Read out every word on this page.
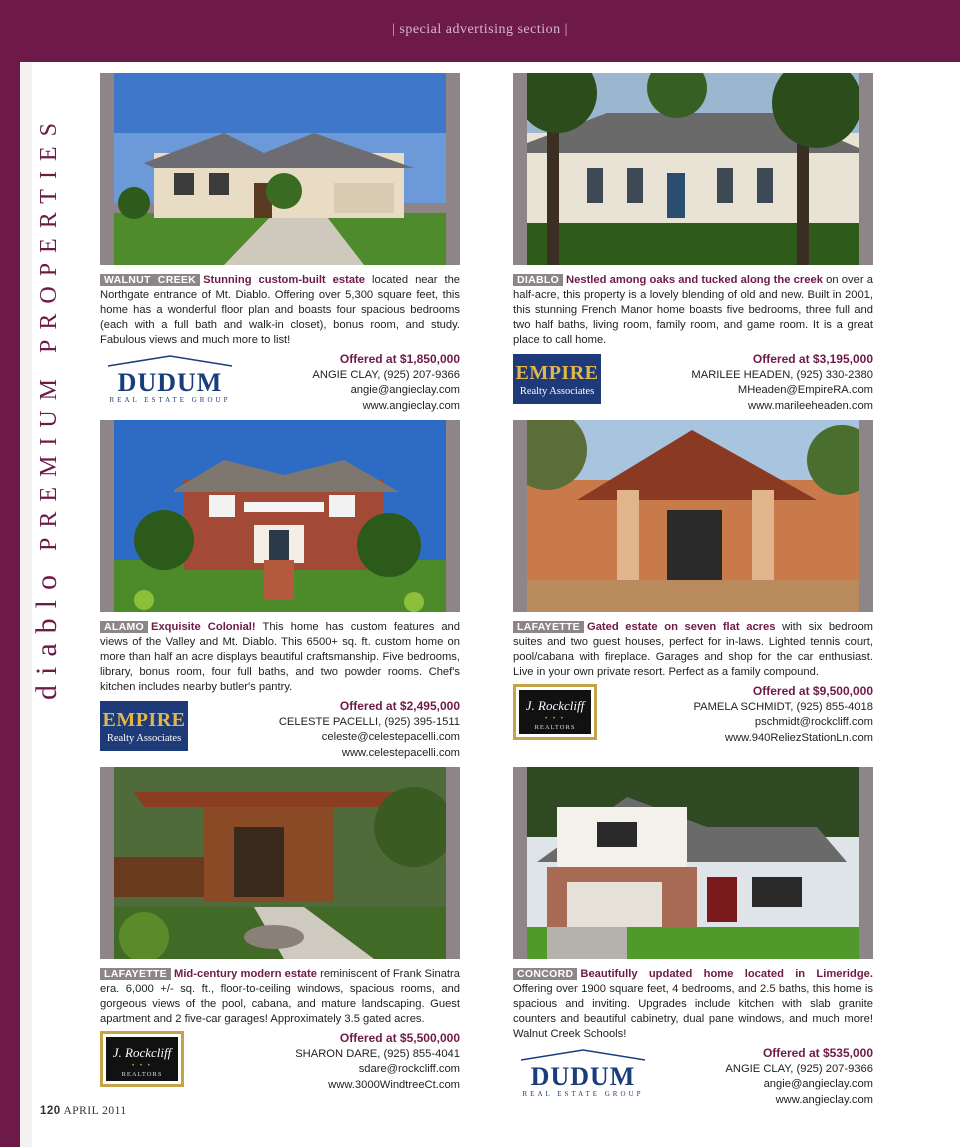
| special advertising section |
diabloPREMIUM PROPERTIES	WALNUT CREEK Stunning custom-built estate located near the Northgate entrance of Mt. Diablo. Offering over 5,300 square feet, this home has a wonderful floor plan and boasts four spacious bedrooms (each with a full bath and walk-in closet), bonus room, and study. Fabulous views and much more to list!
DUDUM
REAL ESTATE GROUP
Offered at $1,850,000
ANGIE CLAY, (925) 207-9366
angie@angieclay.com
www.angieclay.com
DIABLO Nestled among oaks and tucked along the creek on over a half-acre, this property is a lovely blending of old and new. Built in 2001, this stunning French Manor home boasts five bedrooms, three full and two half baths, living room, family room, and game room. It is a great place to call home.
EMPIRE
Realty Associates
Offered at $3,195,000
MARILEE HEADEN, (925) 330-2380
MHeaden@EmpireRA.com
www.marileeheaden.com
ALAMO Exquisite Colonial! This home has custom features and views of the Valley and Mt. Diablo. This 6500+ sq. ft. custom home on more than half an acre displays beautiful craftsmanship. Five bedrooms, library, bonus room, four full baths, and two powder rooms. Chef's kitchen includes nearby butler's pantry.
EMPIRE
Realty Associates
Offered at $2,495,000
CELESTE PACELLI, (925) 395-1511
celeste@celestepacelli.com
www.celestepacelli.com
LAFAYETTE Gated estate on seven flat acres with six bedroom suites and two guest houses, perfect for in-laws. Lighted tennis court, pool/cabana with fireplace. Garages and shop for the car enthusiast. Live in your own private resort. Perfect as a family compound.
J. Rockcliff
• • •
REALTORS
Offered at $9,500,000
PAMELA SCHMIDT, (925) 855-4018
pschmidt@rockcliff.com
www.940ReliezStationLn.com
LAFAYETTE Mid-century modern estate reminiscent of Frank Sinatra era. 6,000 +/- sq. ft., floor-to-ceiling windows, spacious rooms, and gorgeous views of the pool, cabana, and mature landscaping. Guest apartment and 2 five-car garages! Approximately 3.5 gated acres.
J. Rockcliff
• • •
REALTORS
Offered at $5,500,000
SHARON DARE, (925) 855-4041
sdare@rockcliff.com
www.3000WindtreeCt.com
CONCORD Beautifully updated home located in Limeridge. Offering over 1900 square feet, 4 bedrooms, and 2.5 baths, this home is spacious and inviting. Upgrades include kitchen with slab granite counters and beautiful cabinetry, dual pane windows, and much more! Walnut Creek Schools!
DUDUM
REAL ESTATE GROUP
Offered at $535,000
ANGIE CLAY, (925) 207-9366
angie@angieclay.com
www.angieclay.com
120 APRIL 2011
